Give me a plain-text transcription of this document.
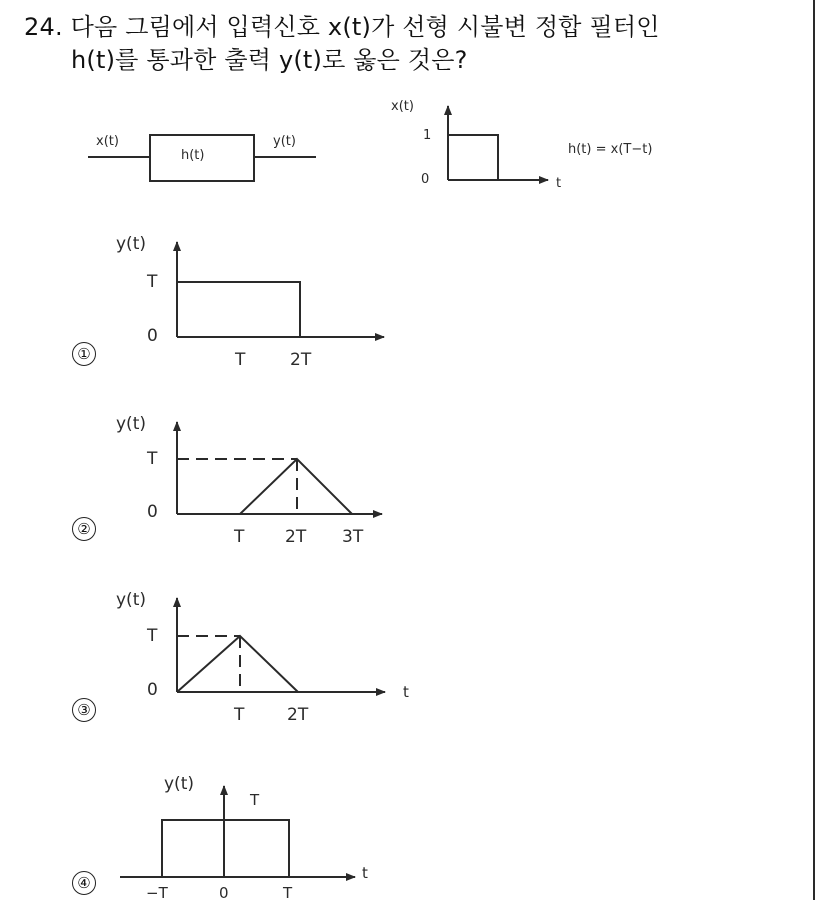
24. 다음 그림에서 입력신호 x(t)가 선형 시불변 정합 필터인
h(t)를 통과한 출력 y(t)로 옳은 것은?
x(t)
h(t)
y(t)
x(t)
1
0	t
h(t) = x(T−t)
①
y(t)
T
0
T	2T
②
y(t)
T
0
T 2T 3T
③
y(t)
T
0
T	2T
t
④
y(t)
T
t
−T	0	T
